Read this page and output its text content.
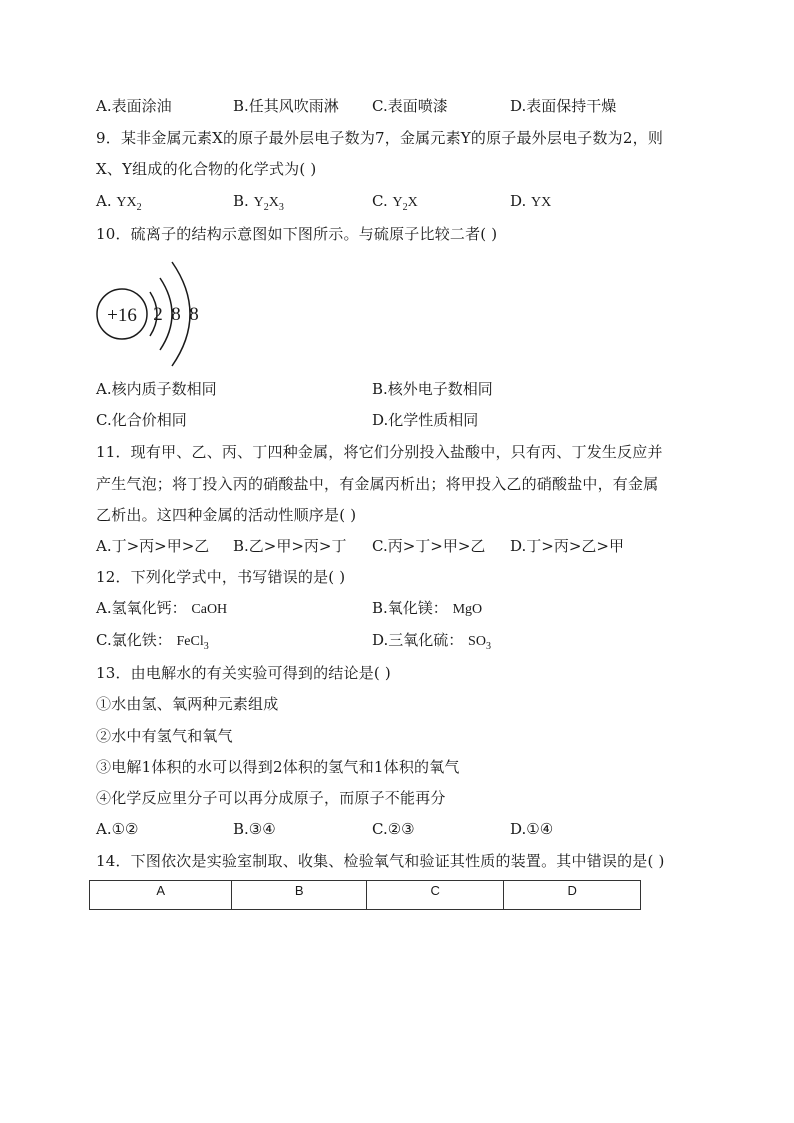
A.表面涂油	B.任其风吹雨淋 C.表面喷漆	D.表面保持干燥
9．某非金属元素X的原子最外层电子数为7，金属元素Y的原子最外层电子数为2，则
X、Y组成的化合物的化学式为( )
A. $YX_2$	B. $Y_2X_3$	C. $Y_2X$	D. YX
10．硫离子的结构示意图如下图所示。与硫原子比较二者( )
+16 2 8 8
A.核内质子数相同	B.核外电子数相同
C.化合价相同	D.化学性质相同
11．现有甲、乙、丙、丁四种金属，将它们分别投入盐酸中，只有丙、丁发生反应并
产生气泡；将丁投入丙的硝酸盐中，有金属丙析出；将甲投入乙的硝酸盐中，有金属
乙析出。这四种金属的活动性顺序是( )
A.丁>丙>甲>乙 B.乙>甲>丙>丁 C.丙>丁>甲>乙 D.丁>丙>乙>甲
12．下列化学式中，书写错误的是( )
A.氢氧化钙： CaOH	B.氧化镁： MgO
C.氯化铁： FeCl$_3$	D.三氧化硫： $SO_3$
13．由电解水的有关实验可得到的结论是( )
①水由氢、氧两种元素组成
②水中有氢气和氧气
③电解1体积的水可以得到2体积的氢气和1体积的氧气
④化学反应里分子可以再分成原子，而原子不能再分
A.①②	B.③④	C.②③	D.①④
14．下图依次是实验室制取、收集、检验氧气和验证其性质的装置。其中错误的是( )
A	B	C	D
